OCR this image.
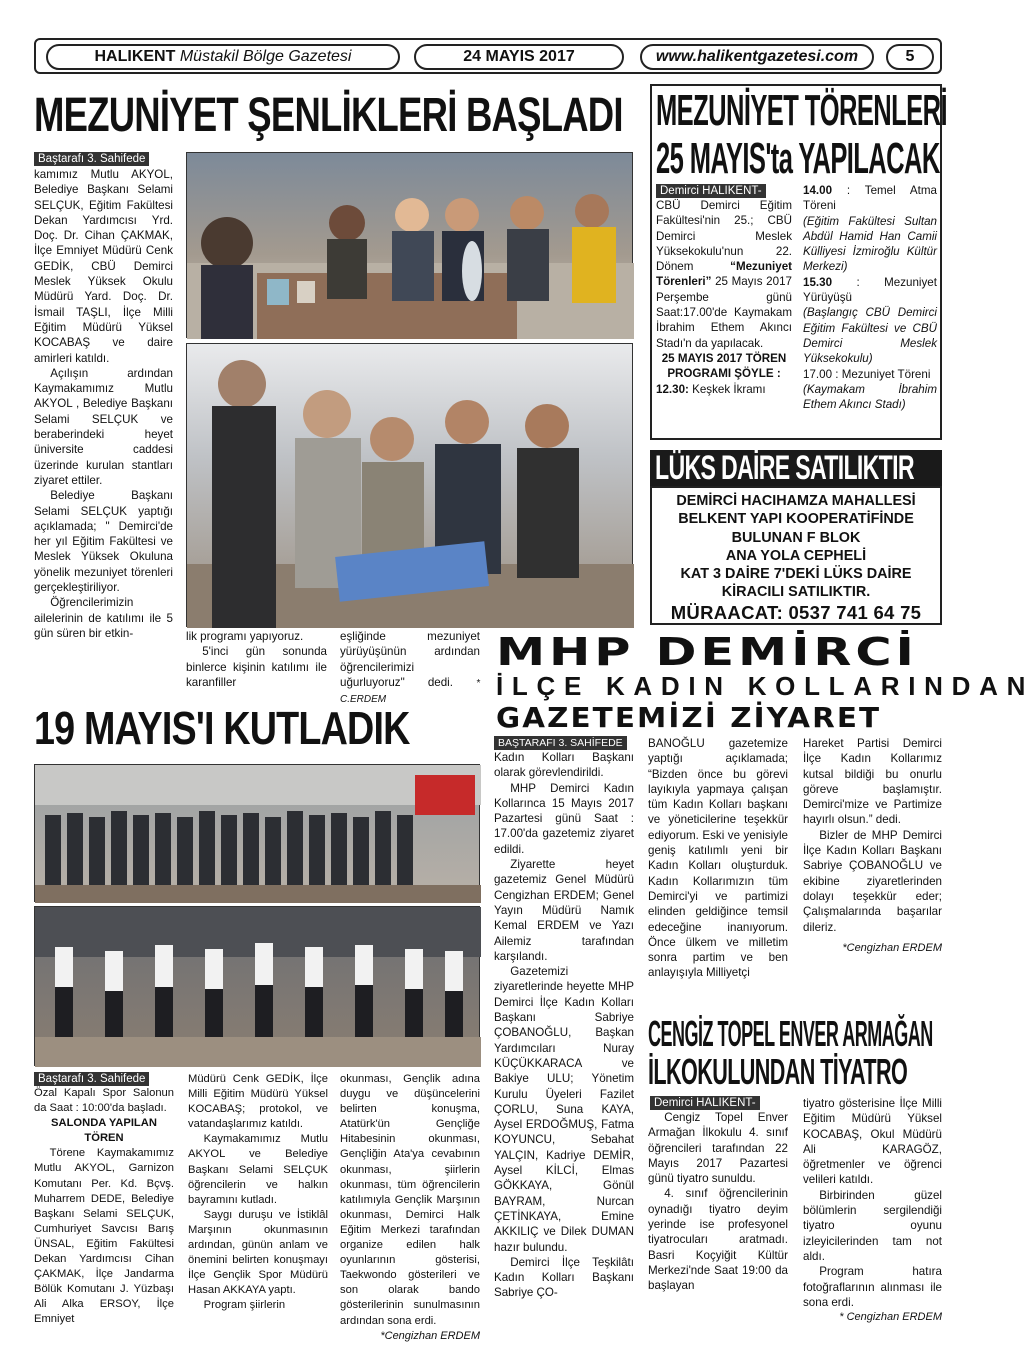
HALIKENT Müstakil Bölge Gazetesi	24 MAYIS 2017	www.halikentgazetesi.com	5
MEZUNİYET ŞENLİKLERİ BAŞLADI
Baştarafı 3. Sahifede

kamımız Mutlu AKYOL, Belediye Başkanı Selami SELÇUK, Eğitim Fakültesi Dekan Yardımcısı Yrd. Doç. Dr. Cihan ÇAKMAK, İlçe Emniyet Müdürü Cenk GEDİK, CBÜ Demirci Meslek Yüksek Okulu Müdürü Yard. Doç. Dr. İsmail TAŞLI, İlçe Milli Eğitim Müdürü Yüksel KOCABAŞ ve daire amirleri katıldı.

Açılışın ardından Kaymakamımız Mutlu AKYOL , Belediye Başkanı Selami SELÇUK ve beraberindeki heyet üniversite caddesi üzerinde kurulan stantları ziyaret ettiler.

Belediye Başkanı Selami SELÇUK yaptığı açıklamada; " Demirci'de her yıl Eğitim Fakültesi ve Meslek Yüksek Okuluna yönelik mezuniyet törenleri gerçekleştiriliyor.

Öğrencilerimizin ailelerinin de katılımı ile 5 gün süren bir etkin-	lik programı yapıyoruz.

5'inci gün sonunda binlerce kişinin katılımı ile karanfiller

eşliğinde mezuniyet yürüyüşünün ardından öğrencilerimizi uğurluyoruz" dedi. * C.ERDEM
MEZUNİYET TÖRENLERİ
25 MAYIS'ta YAPILACAK
Demirci HALIKENT-

CBÜ Demirci Eğitim Fakültesi'nin 25.; CBÜ Demirci Meslek Yüksekokulu'nun 22. Dönem	“Mezuniyet Törenleri” 25 Mayıs 2017 Perşembe günü Saat:17.00'de Kaymakam İbrahim Ethem Akıncı Stadı'n da yapılacak.

25 MAYIS 2017 TÖREN PROGRAMI ŞÖYLE :

12.30: Keşkek İkramı

14.00 : Temel Atma Töreni

(Eğitim Fakültesi Sultan Abdül Hamid Han Camii Külliyesi İzmiroğlu Kültür Merkezi)

15.30 : Mezuniyet Yürüyüşü

(Başlangıç CBÜ Demirci Eğitim Fakültesi ve CBÜ Demirci Meslek Yüksekokulu)

17.00 : Mezuniyet Töreni

(Kaymakam İbrahim Ethem Akıncı Stadı)

LÜKS DAİRE SATILIKTIR
DEMİRCİ HACIHAMZA MAHALLESİ
BELKENT YAPI KOOPERATİFİNDE
BULUNAN F BLOK
ANA YOLA CEPHELİ
KAT 3 DAİRE 7'DEKİ LÜKS DAİRE
KİRACILI SATILIKTIR.
MÜRAACAT: 0537 741 64 75
MHP DEMİRCİ
İLÇE KADIN KOLLARINDAN
GAZETEMİZİ ZİYARET
19 MAYIS'I KUTLADIK
Baştarafı 3. Sahifede

Özal Kapalı Spor Salonun da Saat : 10:00'da başladı.

SALONDA YAPILAN TÖREN

Törene Kaymakamımız Mutlu AKYOL, Garnizon Komutanı Per. Kd. Bçvş. Muharrem DEDE, Belediye Başkanı Selami SELÇUK, Cumhuriyet Savcısı Barış ÜNSAL, Eğitim Fakültesi Dekan Yardımcısı Cihan ÇAKMAK, İlçe Jandarma Bölük Komutanı J. Yüzbaşı Ali Alka ERSOY, İlçe Emniyet

Müdürü Cenk GEDİK, İlçe Milli Eğitim Müdürü Yüksel KOCABAŞ; protokol, ve vatandaşlarımız katıldı.

Kaymakamımız Mutlu AKYOL ve Belediye Başkanı Selami SELÇUK öğrencilerin ve halkın bayramını kutladı.

Saygı duruşu ve İstiklâl Marşının okunmasının ardından, günün anlam ve önemini belirten konuşmayı İlçe Gençlik Spor Müdürü Hasan AKKAYA yaptı.

Program şiirlerin

okunması, Gençlik adına duygu ve düşüncelerini belirten konuşma, Atatürk'ün Gençliğe Hitabesinin okunması, Gençliğin Ata'ya cevabının okunması, şiirlerin okunması, tüm öğrencilerin katılımıyla Gençlik Marşının okunması, Demirci Halk Eğitim Merkezi tarafından organize edilen halk oyunlarının gösterisi, Taekwondo gösterileri ve son olarak bando gösterilerinin sunulmasının ardından sona erdi.

*Cengizhan ERDEM

BAŞTARAFI 3. SAHİFEDE

Kadın Kolları Başkanı olarak görevlendirildi.

MHP Demirci Kadın Kollarınca 15 Mayıs 2017 Pazartesi günü Saat : 17.00'da gazetemiz ziyaret edildi.

Ziyarette heyet gazetemiz Genel Müdürü Cengizhan ERDEM; Genel Yayın Müdürü Namık Kemal ERDEM ve Yazı Ailemiz tarafından karşılandı.

Gazetemizi ziyaretlerinde heyette MHP Demirci İlçe Kadın Kolları Başkanı Sabriye ÇOBANOĞLU, Başkan Yardımcıları Nuray KÜÇÜKKARACA ve Bakiye ULU; Yönetim Kurulu Üyeleri Fazilet ÇORLU, Suna KAYA, Aysel ERDOĞMUŞ, Fatma KOYUNCU, Sebahat YALÇIN, Kadriye DEMİR, Aysel KİLCİ, Elmas GÖKKAYA, Gönül BAYRAM, Nurcan ÇETİNKAYA, Emine AKKILIÇ ve Dilek DUMAN hazır bulundu.

Demirci İlçe Teşkilâtı Kadın Kolları Başkanı Sabriye ÇO-

BANOĞLU gazetemize yaptığı açıklamada; “Bizden önce bu görevi layıkıyla yapmaya çalışan tüm Kadın Kolları başkanı ve yöneticilerine teşekkür ediyorum. Eski ve yenisiyle geniş katılımlı yeni bir Kadın Kolları oluşturduk. Kadın Kollarımızın tüm Demirci'yi ve partimizi elinden geldiğince temsil edeceğine inanıyorum. Önce ülkem ve milletim sonra partim ve ben anlayışıyla Milliyetçi

Hareket Partisi Demirci İlçe Kadın Kollarımız kutsal bildiği bu onurlu göreve başlamıştır. Demirci'mize ve Partimize hayırlı olsun.” dedi.

Bizler de MHP Demirci İlçe Kadın Kolları Başkanı Sabriye ÇOBANOĞLU ve ekibine ziyaretlerinden dolayı teşekkür eder; Çalışmalarında başarılar dileriz.

*Cengizhan ERDEM

CENGİZ TOPEL ENVER ARMAĞAN
İLKOKULUNDAN TİYATRO
Demirci HALIKENT-

Cengiz Topel Enver Armağan İlkokulu 4. sınıf öğrencileri tarafından 22 Mayıs 2017 Pazartesi günü tiyatro sunuldu.

4. sınıf öğrencilerinin oynadığı tiyatro deyim yerinde ise profesyonel tiyatrocuları aratmadı. Basri Koçyiğit Kültür Merkezi'nde Saat 19:00 da başlayan

tiyatro gösterisine İlçe Milli Eğitim Müdürü Yüksel KOCABAŞ, Okul Müdürü Ali KARAGÖZ, öğretmenler ve öğrenci velileri katıldı.

Birbirinden güzel bölümlerin sergilendiği tiyatro oyunu izleyicilerinden tam not aldı.

Program hatıra fotoğraflarının alınması ile sona erdi.

* Cengizhan ERDEM
